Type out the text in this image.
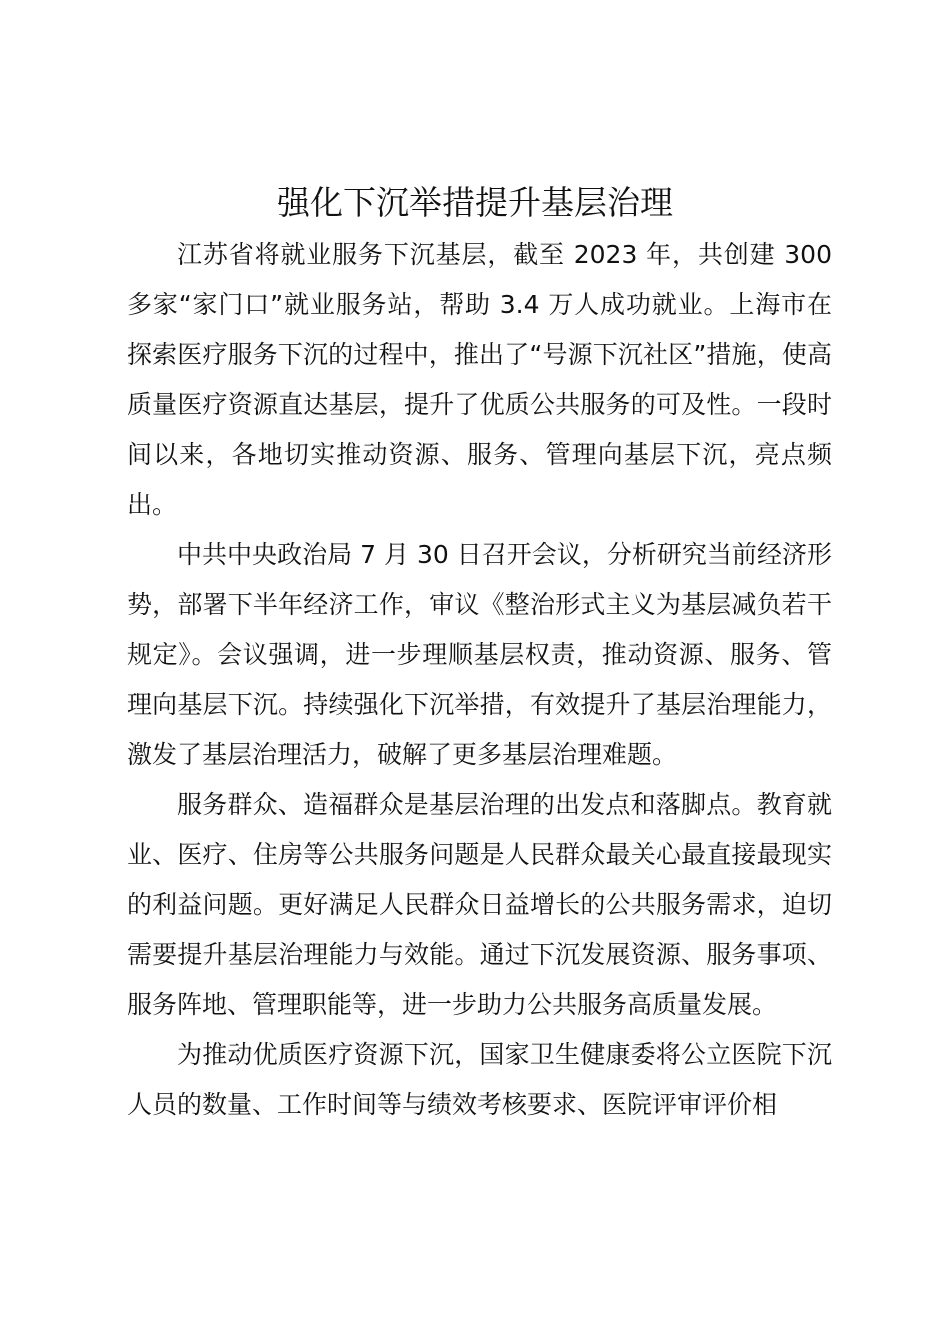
强化下沉举措提升基层治理

江苏省将就业服务下沉基层，截至 2023 年，共创建 300 多家“家门口”就业服务站，帮助 3.4 万人成功就业。上海市在探索医疗服务下沉的过程中，推出了“号源下沉社区”措施，使高质量医疗资源直达基层，提升了优质公共服务的可及性。一段时间以来，各地切实推动资源、服务、管理向基层下沉，亮点频出。

中共中央政治局 7 月 30 日召开会议，分析研究当前经济形势，部署下半年经济工作，审议《整治形式主义为基层减负若干规定》。会议强调，进一步理顺基层权责，推动资源、服务、管理向基层下沉。持续强化下沉举措，有效提升了基层治理能力，激发了基层治理活力，破解了更多基层治理难题。

服务群众、造福群众是基层治理的出发点和落脚点。教育就业、医疗、住房等公共服务问题是人民群众最关心最直接最现实的利益问题。更好满足人民群众日益增长的公共服务需求，迫切需要提升基层治理能力与效能。通过下沉发展资源、服务事项、服务阵地、管理职能等，进一步助力公共服务高质量发展。

为推动优质医疗资源下沉，国家卫生健康委将公立医院下沉人员的数量、工作时间等与绩效考核要求、医院评审评价相
